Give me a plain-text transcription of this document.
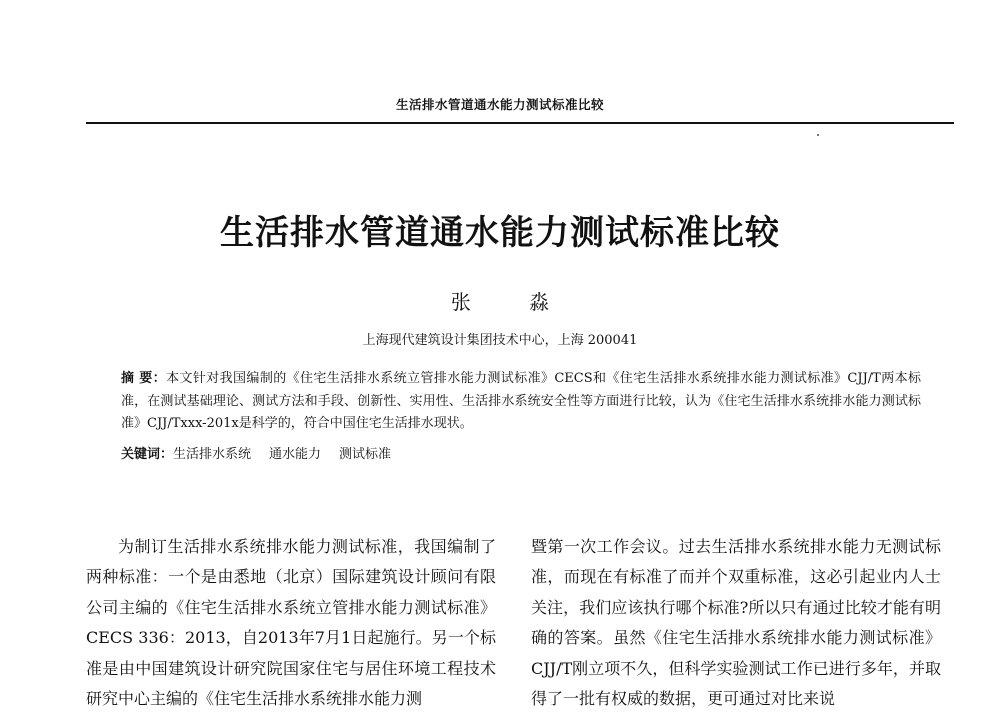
生活排水管道通水能力测试标准比较
生活排水管道通水能力测试标准比较
张 淼
上海现代建筑设计集团技术中心，上海 200041
摘 要：本文针对我国编制的《住宅生活排水系统立管排水能力测试标准》CECS和《住宅生活排水系统排水能力测试标准》CJJ/T两本标准，在测试基础理论、测试方法和手段、创新性、实用性、生活排水系统安全性等方面进行比较，认为《住宅生活排水系统排水能力测试标准》CJJ/Txxx-201x是科学的，符合中国住宅生活排水现状。
关键词：生活排水系统 通水能力 测试标准

为制订生活排水系统排水能力测试标准，我国编制了两种标准：一个是由悉地（北京）国际建筑设计顾问有限公司主编的《住宅生活排水系统立管排水能力测试标准》CECS 336：2013，自2013年7月1日起施行。另一个标准是由中国建筑设计研究院国家住宅与居住环境工程技术研究中心主编的《住宅生活排水系统排水能力测

暨第一次工作会议。过去生活排水系统排水能力无测试标准，而现在有标准了而并个双重标准，这必引起业内人士关注，我们应该执行哪个标准?所以只有通过比较才能有明确的答案。虽然《住宅生活排水系统排水能力测试标准》CJJ/T刚立项不久，但科学实验测试工作已进行多年，并取得了一批有权威的数据，更可通过对比来说
